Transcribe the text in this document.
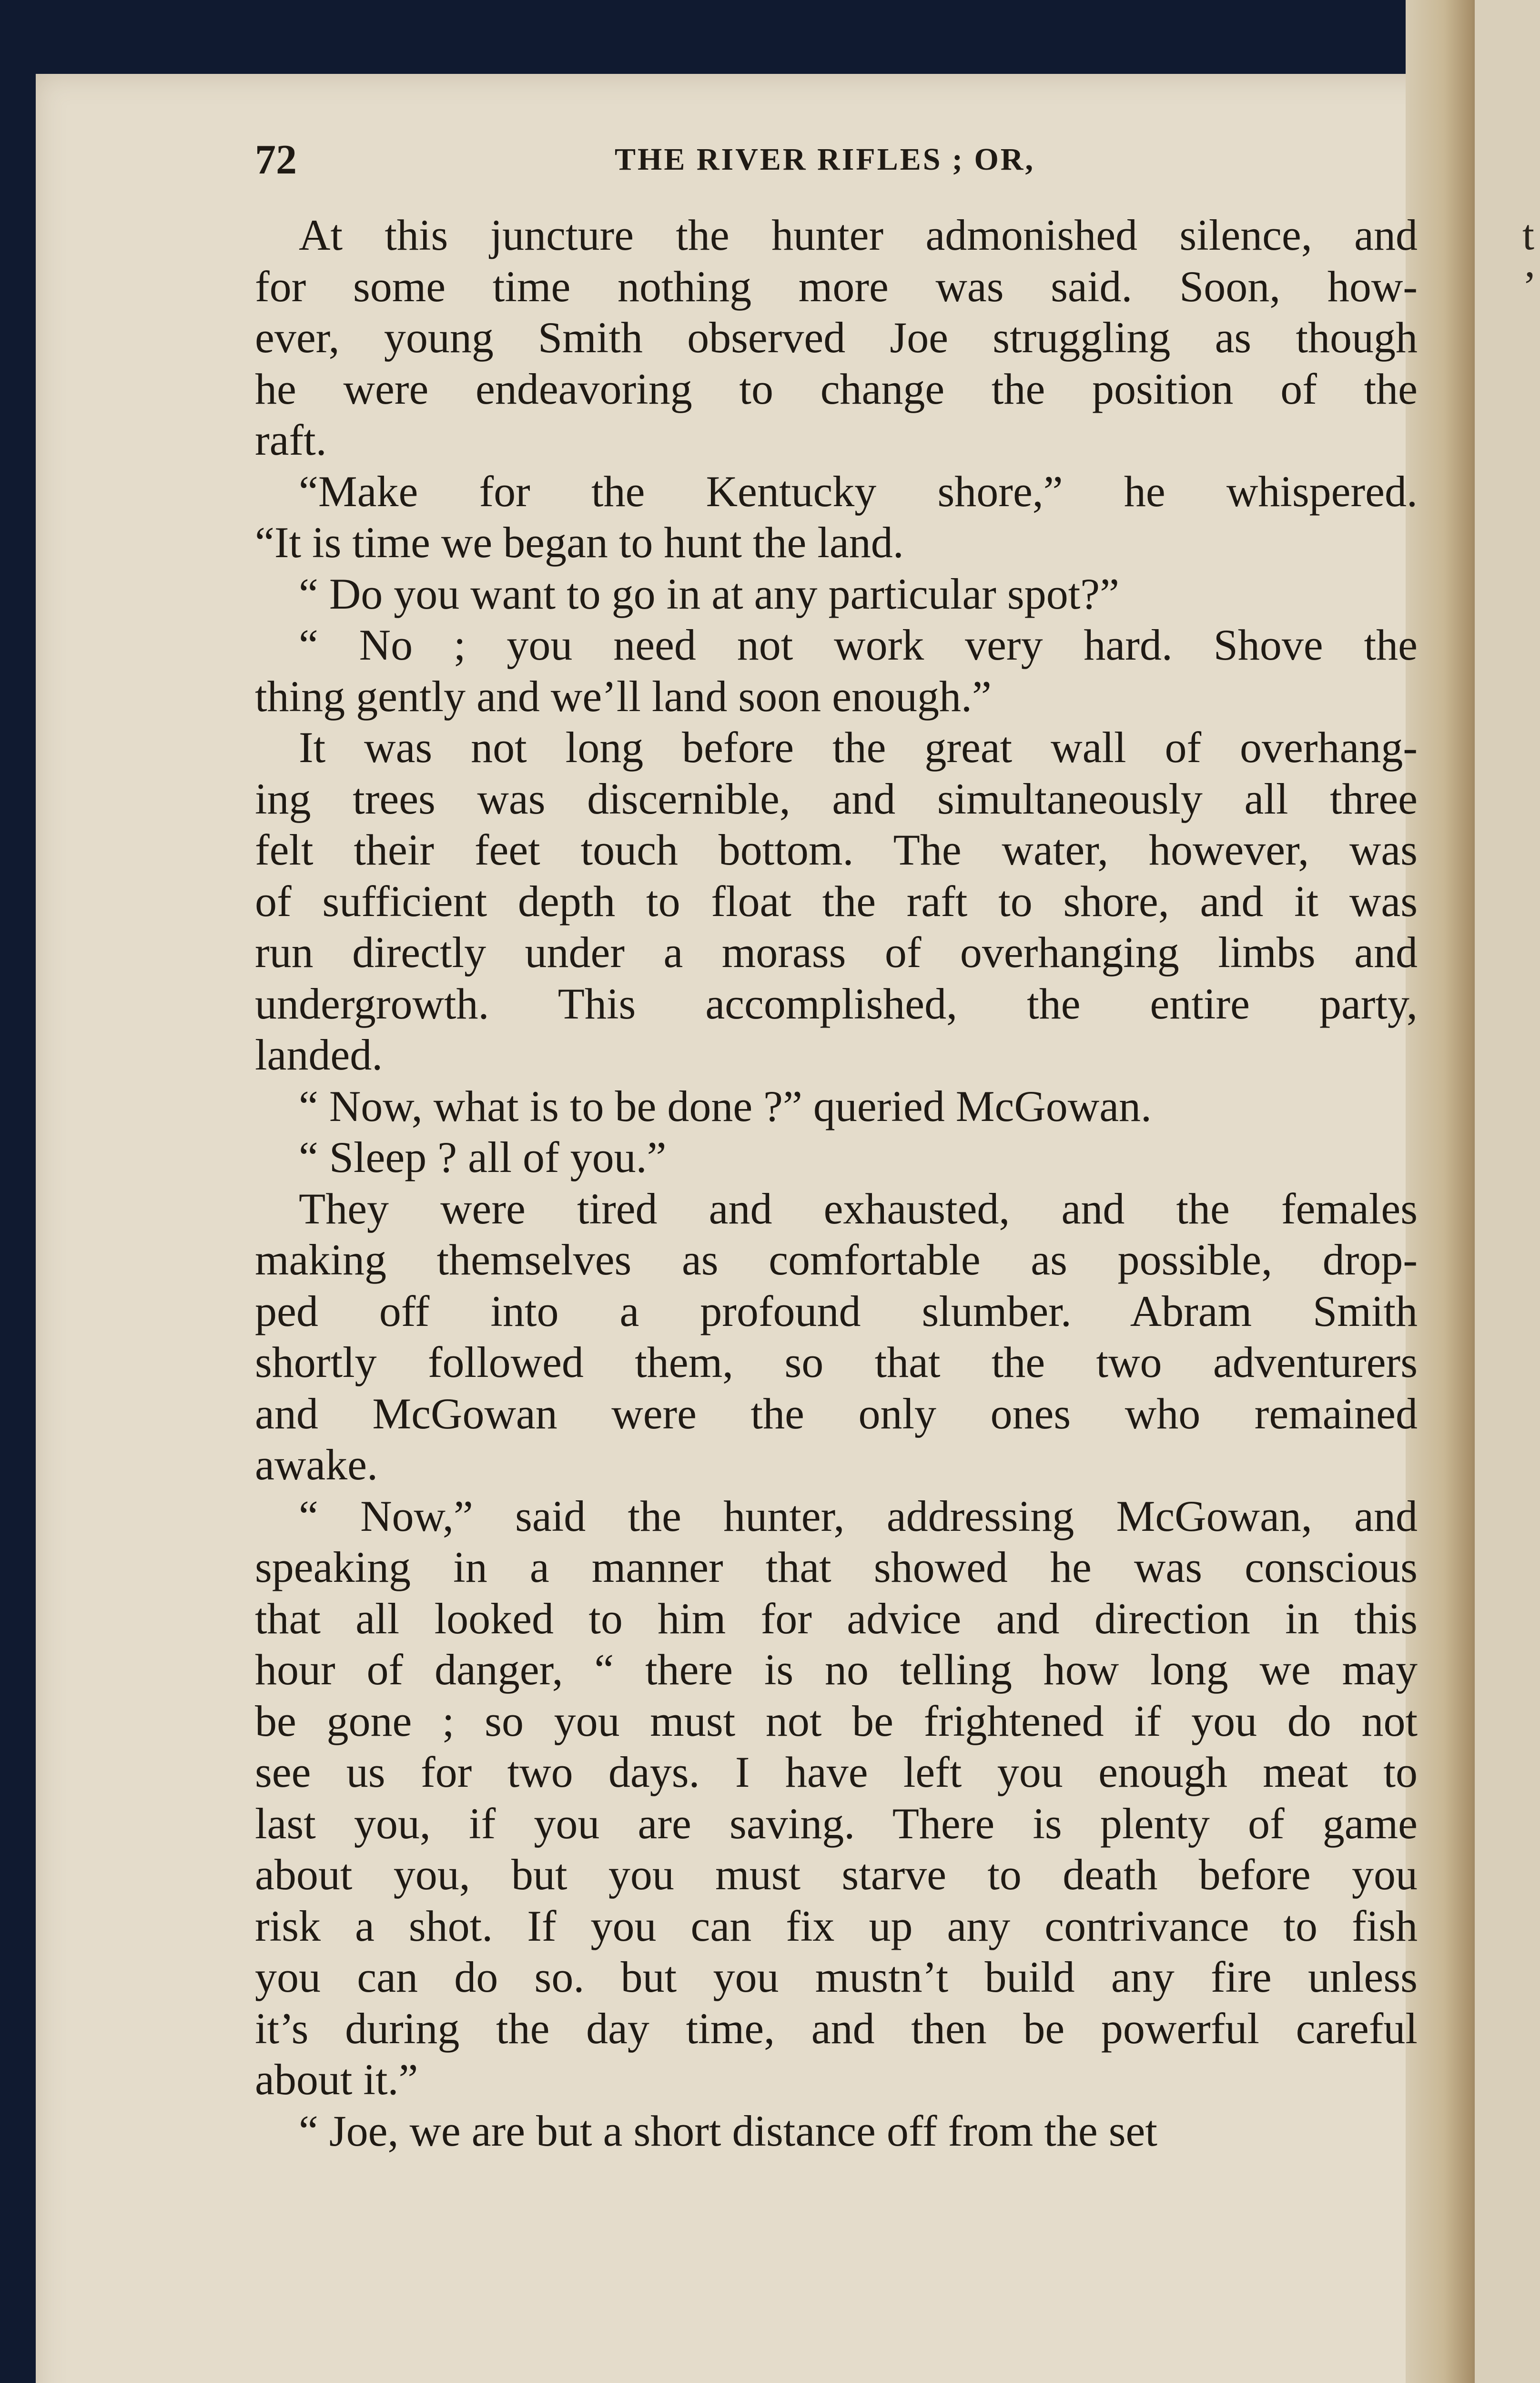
t
’
72	THE RIVER RIFLES ; OR,
At this juncture the hunter admonished silence, and
for some time nothing more was said. Soon, how-
ever, young Smith observed Joe struggling as though
he were endeavoring to change the position of the
raft.
“Make for the Kentucky shore,” he whispered.
“It is time we began to hunt the land.
“ Do you want to go in at any particular spot?”
“ No ; you need not work very hard. Shove the
thing gently and we’ll land soon enough.”
It was not long before the great wall of overhang-
ing trees was discernible, and simultaneously all three
felt their feet touch bottom. The water, however, was
of sufficient depth to float the raft to shore, and it was
run directly under a morass of overhanging limbs and
undergrowth. This accomplished, the entire party,
landed.
“ Now, what is to be done ?” queried McGowan.
“ Sleep ? all of you.”
They were tired and exhausted, and the females
making themselves as comfortable as possible, drop-
ped off into a profound slumber. Abram Smith
shortly followed them, so that the two adventurers
and McGowan were the only ones who remained
awake.
“ Now,” said the hunter, addressing McGowan, and
speaking in a manner that showed he was conscious
that all looked to him for advice and direction in this
hour of danger, “ there is no telling how long we may
be gone ; so you must not be frightened if you do not
see us for two days. I have left you enough meat to
last you, if you are saving. There is plenty of game
about you, but you must starve to death before you
risk a shot. If you can fix up any contrivance to fish
you can do so. but you mustn’t build any fire unless
it’s during the day time, and then be powerful careful
about it.”
“ Joe, we are but a short distance off from the set
